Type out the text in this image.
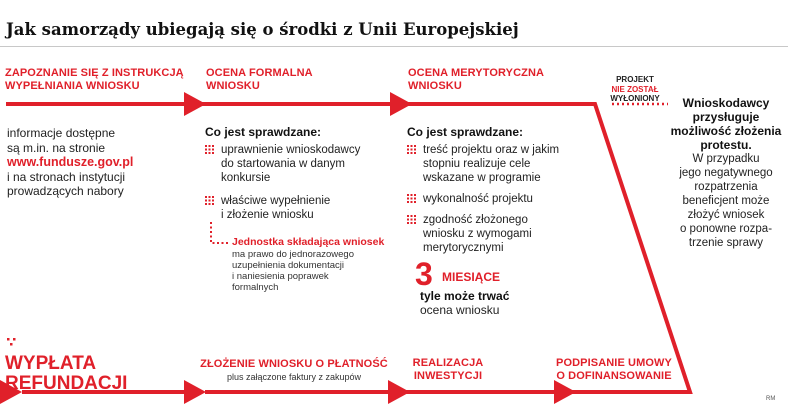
Jak samorządy ubiegają się o środki z Unii Europejskiej
ZAPOZNANIE SIĘ Z INSTRUKCJĄ
WYPEŁNIANIA WNIOSKU
OCENA FORMALNA
WNIOSKU
OCENA MERYTORYCZNA
WNIOSKU
PROJEKT
NIE ZOSTAŁ
WYŁONIONY
informacje dostępne
są m.in. na stronie
www.fundusze.gov.pl
i na stronach instytucji
prowadzących nabory
Co jest sprawdzane:
uprawnienie wnioskodawcy
do startowania w danym
konkursie
właściwe wypełnienie
i złożenie wniosku
Jednostka składająca wniosek
ma prawo do jednorazowego
uzupełnienia dokumentacji
i naniesienia poprawek
formalnych
Co jest sprawdzane:
treść projektu oraz w jakim
stopniu realizuje cele
wskazane w programie
wykonalność projektu
zgodność złożonego
wniosku z wymogami
merytorycznymi
3 MIESIĄCE
tyle może trwać
ocena wniosku
Wnioskodawcy
przysługuje
możliwość złożenia
protestu.
W przypadku
jego negatywnego
rozpatrzenia
beneficjent może
złożyć wniosek
o ponowne rozpa-
trzenie sprawy
PODPISANIE UMOWY
O DOFINANSOWANIE
REALIZACJA
INWESTYCJI
ZŁOŻENIE WNIOSKU O PŁATNOŚĆ
plus załączone faktury z zakupów
WYPŁATA
REFUNDACJI
RM
